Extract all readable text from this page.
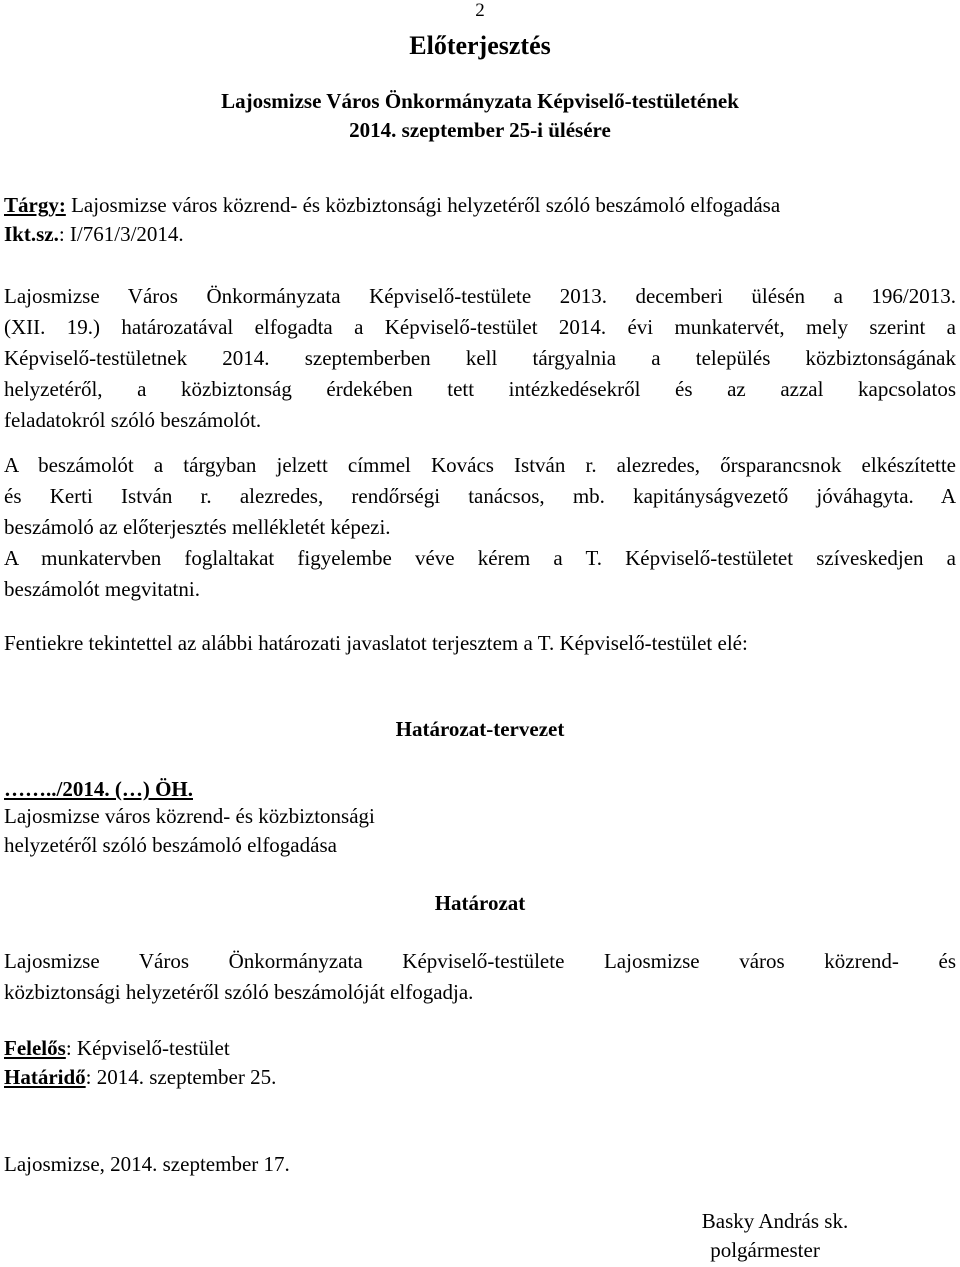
2
Előterjesztés
Lajosmizse Város Önkormányzata Képviselő-testületének
2014. szeptember 25-i ülésére
Tárgy: Lajosmizse város közrend- és közbiztonsági helyzetéről szóló beszámoló elfogadása
Ikt.sz.: I/761/3/2014.
Lajosmizse Város Önkormányzata Képviselő-testülete 2013. decemberi ülésén a 196/2013.
(XII. 19.) határozatával elfogadta a Képviselő-testület 2014. évi munkatervét, mely szerint a
Képviselő-testületnek 2014. szeptemberben kell tárgyalnia a település közbiztonságának
helyzetéről, a közbiztonság érdekében tett intézkedésekről és az azzal kapcsolatos
feladatokról szóló beszámolót.
A beszámolót a tárgyban jelzett címmel Kovács István r. alezredes, őrsparancsnok elkészítette
és Kerti István r. alezredes, rendőrségi tanácsos, mb. kapitányságvezető jóváhagyta. A
beszámoló az előterjesztés mellékletét képezi.
A munkatervben foglaltakat figyelembe véve kérem a T. Képviselő-testületet szíveskedjen a
beszámolót megvitatni.
Fentiekre tekintettel az alábbi határozati javaslatot terjesztem a T. Képviselő-testület elé:
Határozat-tervezet
……../2014. (…) ÖH.
Lajosmizse város közrend- és közbiztonsági
helyzetéről szóló beszámoló elfogadása
Határozat
Lajosmizse Város Önkormányzata Képviselő-testülete Lajosmizse város közrend- és
közbiztonsági helyzetéről szóló beszámolóját elfogadja.
Felelős: Képviselő-testület
Határidő: 2014. szeptember 25.
Lajosmizse, 2014. szeptember 17.
Basky András sk.
polgármester
